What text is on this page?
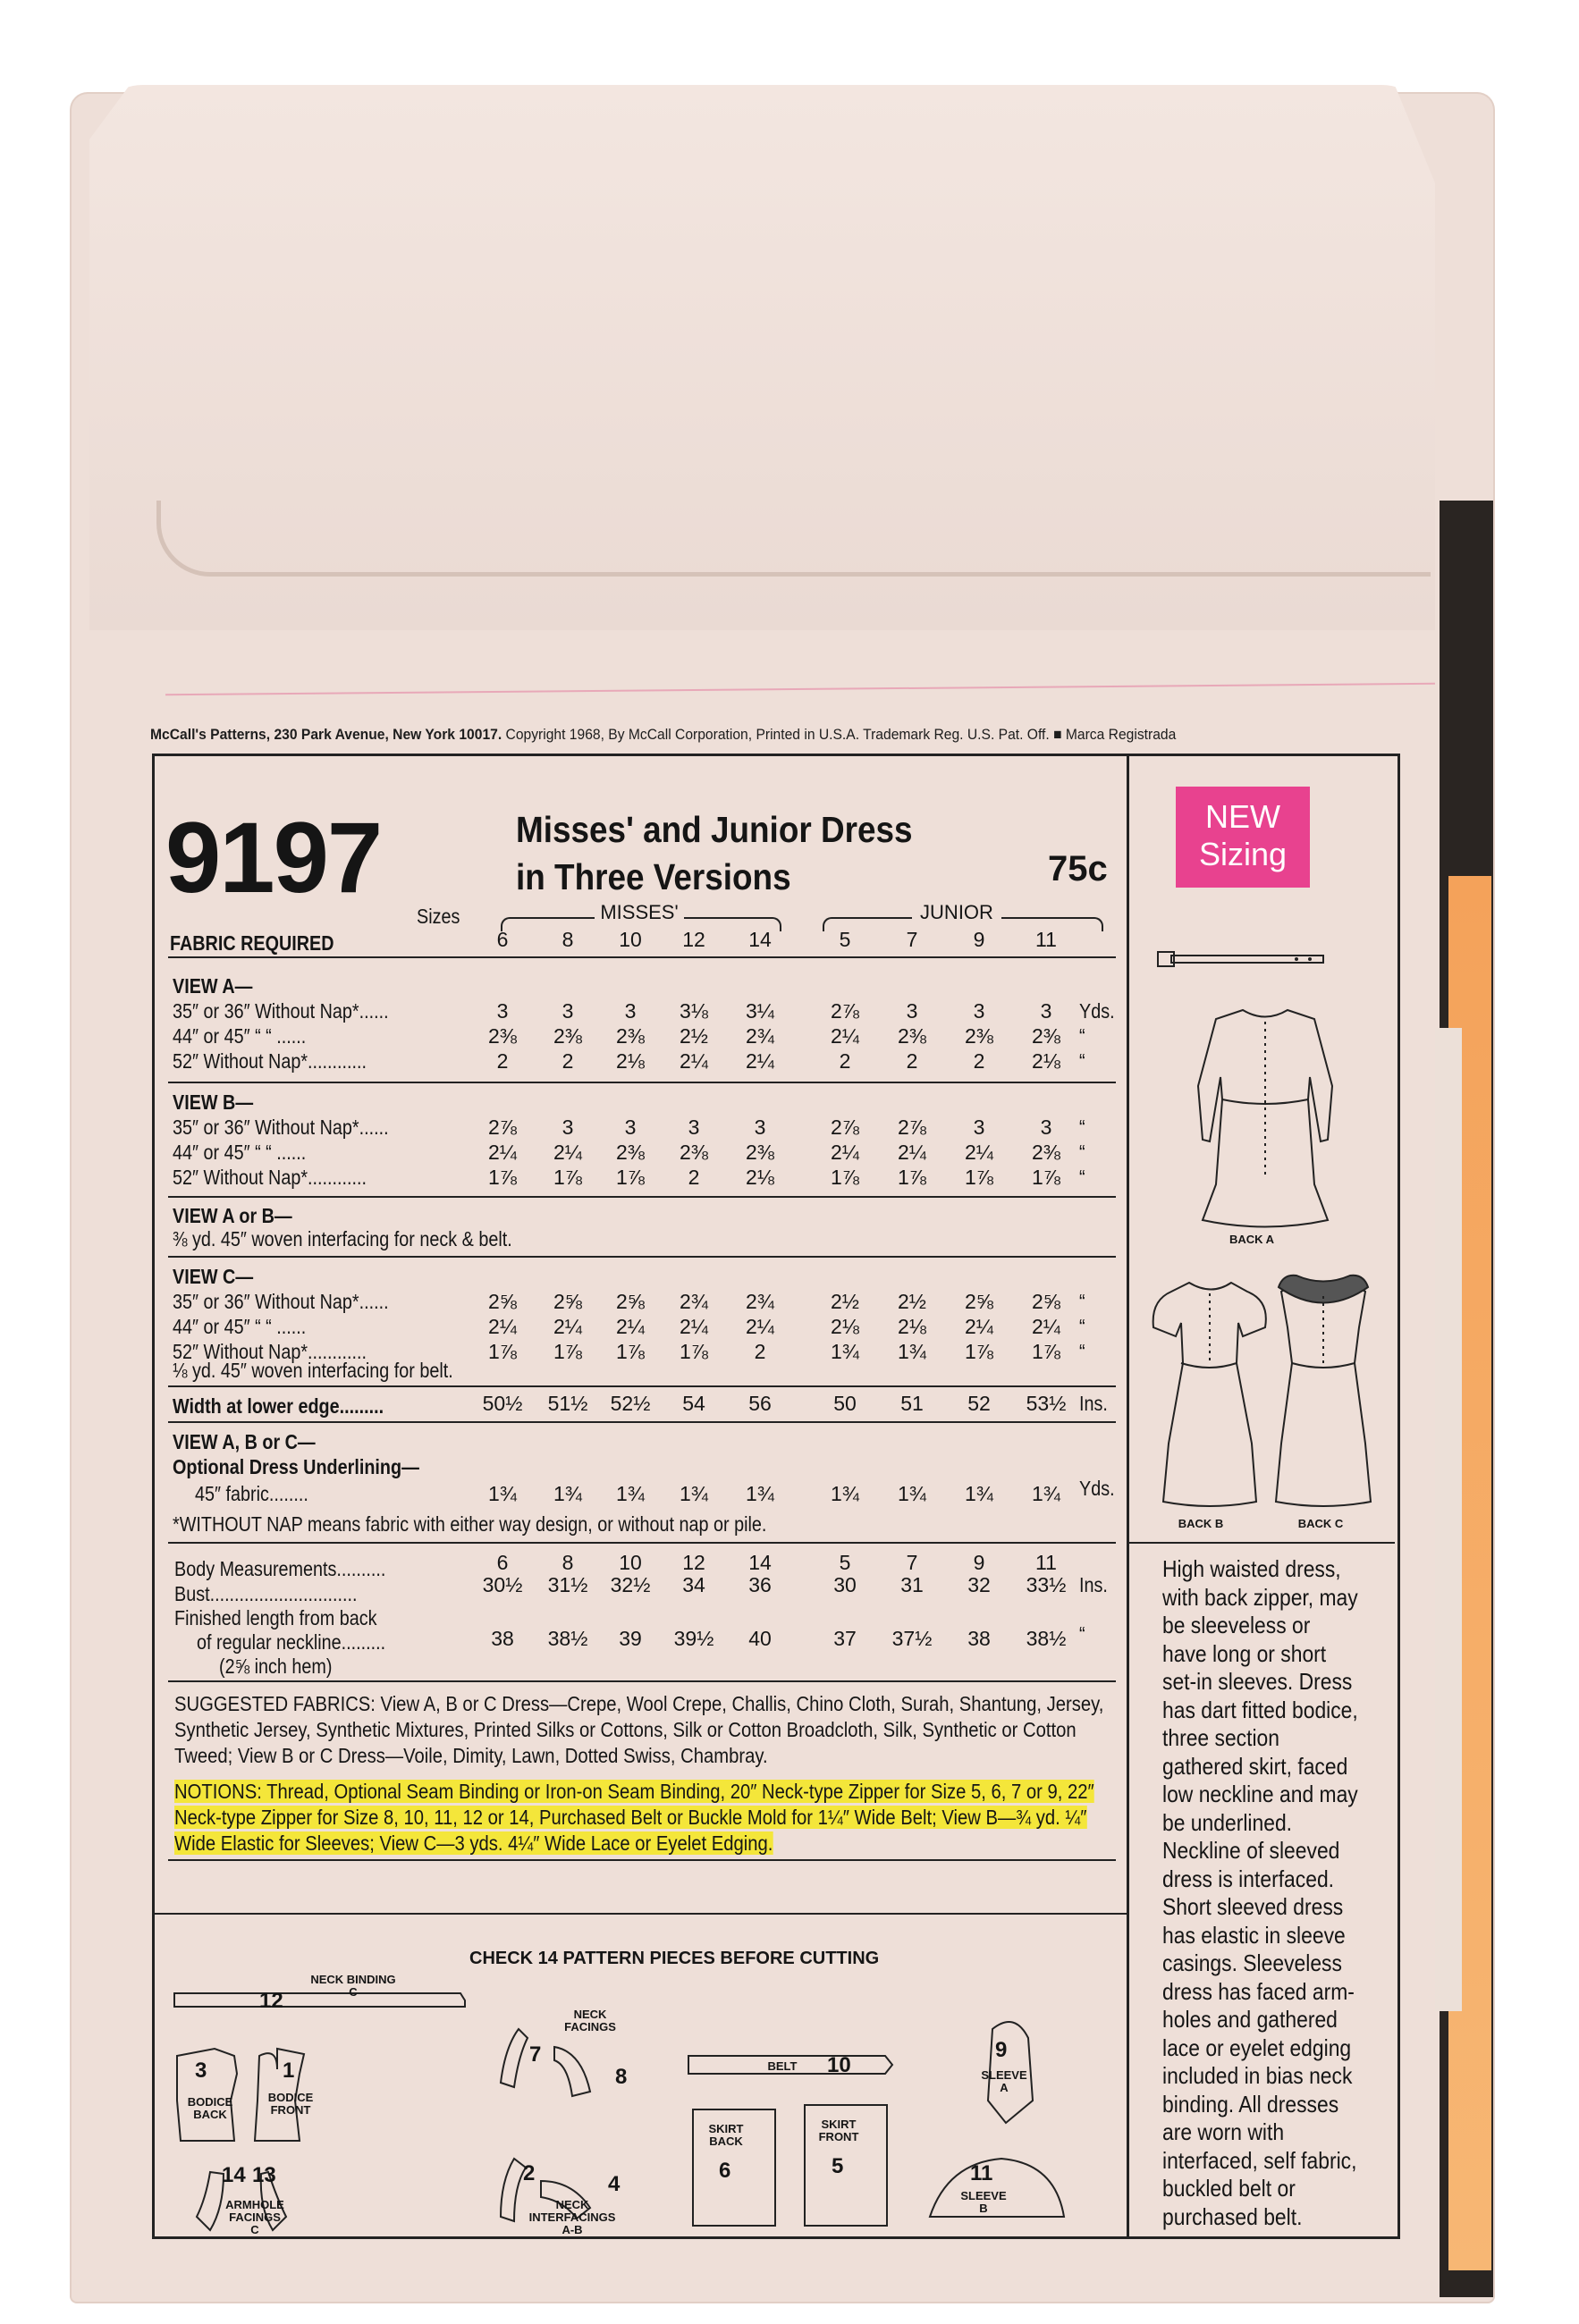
McCall's Patterns, 230 Park Avenue, New York 10017. Copyright 1968, By McCall Corporation, Printed in U.S.A. Trademark Reg. U.S. Pat. Off. ■ Marca Registrada
9197	Misses' and Junior Dress
in Three Versions	75c
NEW
Sizing
Sizes
FABRIC REQUIRED
MISSES'	JUNIOR
6	8	10	12	14	5	7	9	11
VIEW A—
35″ or 36″ Without Nap*......	3	3	3	3⅛	3¼	2⅞	3	3	3	Yds.
44″ or 45″ “ “ ......	2⅜	2⅜	2⅜	2½	2¾	2¼	2⅜	2⅜	2⅜ “
52″ Without Nap*............	2	2	2⅛	2¼	2¼	2	2	2	2⅛ “
VIEW B—
35″ or 36″ Without Nap*......	2⅞	3	3	3	3	2⅞	2⅞	3	3	“
44″ or 45″ “ “ ......	2¼	2¼	2⅜	2⅜	2⅜	2¼	2¼	2¼	2⅜ “
52″ Without Nap*............	1⅞	1⅞	1⅞	2	2⅛	1⅞	1⅞	1⅞	1⅞ “
VIEW A or B—
⅜ yd. 45″ woven interfacing for neck & belt.
VIEW C—
35″ or 36″ Without Nap*......	2⅝	2⅝	2⅝	2¾	2¾	2½	2½	2⅝	2⅝ “
44″ or 45″ “ “ ......	2¼	2¼	2¼	2¼	2¼	2⅛	2⅛	2¼	2¼ “
52″ Without Nap*............	1⅞	1⅞	1⅞	1⅞	2	1¾	1¾	1⅞	1⅞ “
⅛ yd. 45″ woven interfacing for belt.
Width at lower edge.........	50½	51½	52½	54	56	50	51	52	53½ Ins.
VIEW A, B or C—
Optional Dress Underlining—
45″ fabric........	1¾	1¾	1¾	1¾	1¾	1¾	1¾	1¾	1¾ Yds.
*WITHOUT NAP means fabric with either way design, or without nap or pile.
Body Measurements..........	6	8	10	12	14	5	7	9	11
Bust..............................	30½	31½	32½	34	36	30	31	32	33½ Ins.
Finished length from back
of regular neckline.........
(2⅝ inch hem)
38	38½	39	39½	40	37	37½	38	38½ “
SUGGESTED FABRICS: View A, B or C Dress—Crepe, Wool Crepe, Challis, Chino Cloth, Surah, Shantung, Jersey, Synthetic Jersey, Synthetic Mixtures, Printed Silks or Cottons, Silk or Cotton Broadcloth, Silk, Synthetic or Cotton Tweed; View B or C Dress—Voile, Dimity, Lawn, Dotted Swiss, Chambray.
NOTIONS: Thread, Optional Seam Binding or Iron-on Seam Binding, 20″ Neck-type Zipper for Size 5, 6, 7 or 9, 22″ Neck-type Zipper for Size 8, 10, 11, 12 or 14, Purchased Belt or Buckle Mold for 1¼″ Wide Belt; View B—¾ yd. ¼″ Wide Elastic for Sleeves; View C—3 yds. 4¼″ Wide Lace or Eyelet Edging.
BACK A
BACK B	BACK C
High waisted dress, with back zipper, may be sleeveless or have long or short set-in sleeves. Dress has dart fitted bodice, three section gathered skirt, faced low neckline and may be underlined. Neckline of sleeved dress is interfaced. Short sleeved dress has elastic in sleeve casings. Sleeveless dress has faced arm-holes and gathered lace or eyelet edging included in bias neck binding. All dresses are worn with interfaced, self fabric, buckled belt or purchased belt.
CHECK 14 PATTERN PIECES BEFORE CUTTING
NECK BINDING
C
12
3
BODICE BACK
1
BODICE FRONT
14 13
ARMHOLE FACINGS
C
7
NECK FACINGS
8
2	4
NECK INTERFACINGS
A-B
BELT	10
SKIRT BACK
6
SKIRT FRONT
5
9
SLEEVE A
11
SLEEVE B
